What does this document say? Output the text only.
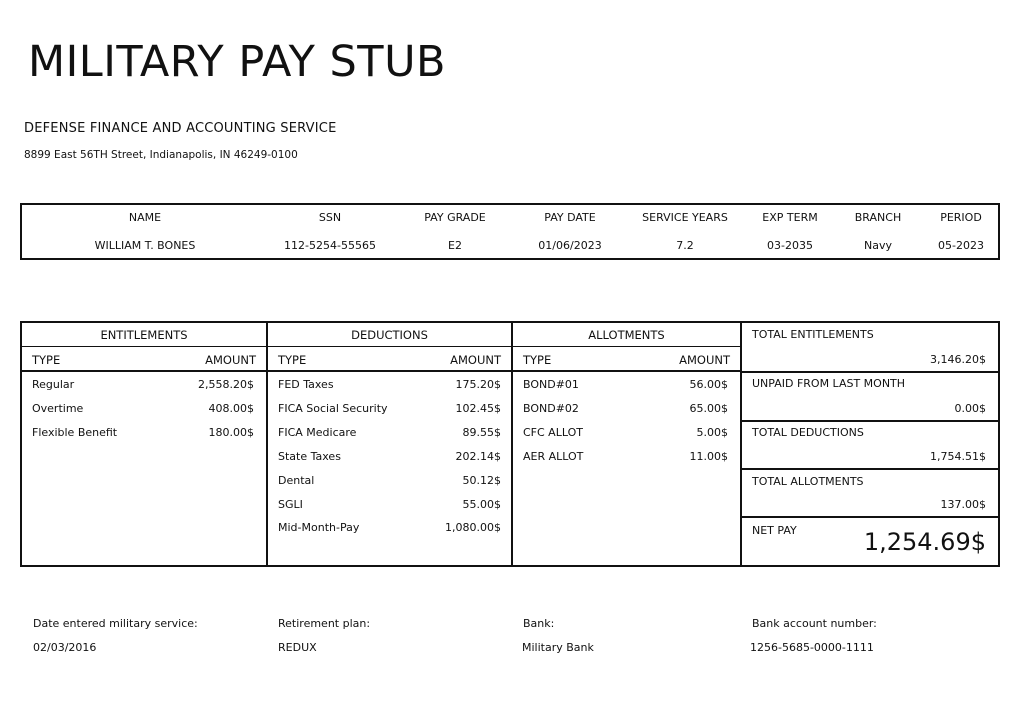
MILITARY PAY STUB
DEFENSE FINANCE AND ACCOUNTING SERVICE
8899 East 56TH Street, Indianapolis, IN 46249-0100
NAME	SSN	PAY GRADE	PAY DATE	SERVICE YEARS	EXP TERM	BRANCH	PERIOD
WILLIAM T. BONES	112-5254-55565	E2	01/06/2023	7.2	03-2035	Navy	05-2023
ENTITLEMENTS
TYPE	AMOUNT
Regular	2,558.20$
Overtime	408.00$
Flexible Benefit	180.00$
DEDUCTIONS
TYPE	AMOUNT
FED Taxes	175.20$
FICA Social Security	102.45$
FICA Medicare	89.55$
State Taxes	202.14$
Dental	50.12$
SGLI	55.00$
Mid-Month-Pay	1,080.00$
ALLOTMENTS
TYPE	AMOUNT
BOND#01	56.00$
BOND#02	65.00$
CFC ALLOT	5.00$
AER ALLOT	11.00$
TOTAL ENTITLEMENTS
3,146.20$
UNPAID FROM LAST MONTH
0.00$
TOTAL DEDUCTIONS
1,754.51$
TOTAL ALLOTMENTS
137.00$
NET PAY	1,254.69$
Date entered military service:
02/03/2016
Retirement plan:
REDUX
Bank:
Military Bank
Bank account number:
1256-5685-0000-1111
